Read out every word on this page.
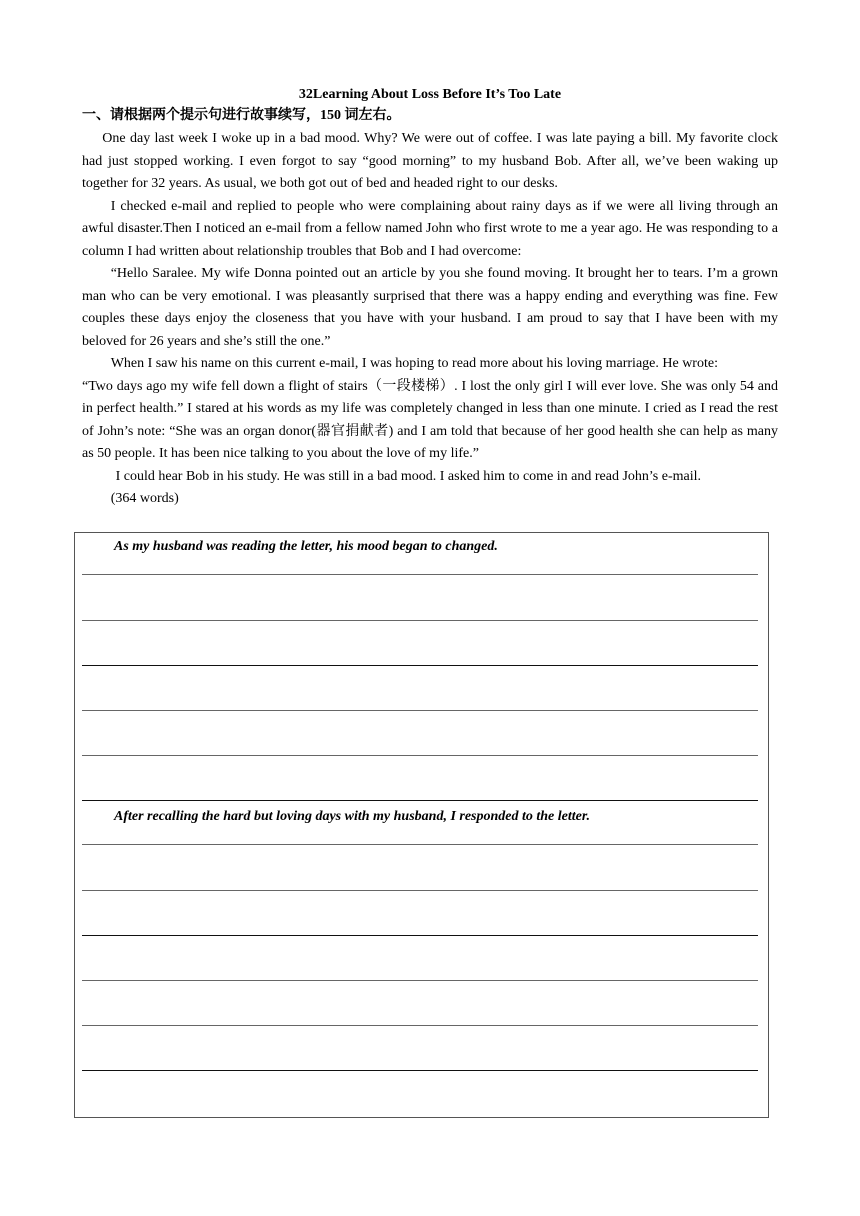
32Learning About Loss Before It’s Too Late
一、请根据两个提示句进行故事续写，150 词左右。

One day last week I woke up in a bad mood. Why? We were out of coffee. I was late paying a bill. My favorite clock had just stopped working. I even forgot to say “good morning” to my husband Bob. After all, we’ve been waking up together for 32 years. As usual, we both got out of bed and headed right to our desks.

I checked e-mail and replied to people who were complaining about rainy days as if we were all living through an awful disaster.Then I noticed an e-mail from a fellow named John who first wrote to me a year ago. He was responding to a column I had written about relationship troubles that Bob and I had overcome:

“Hello Saralee. My wife Donna pointed out an article by you she found moving. It brought her to tears. I’m a grown man who can be very emotional. I was pleasantly surprised that there was a happy ending and everything was fine. Few couples these days enjoy the closeness that you have with your husband. I am proud to say that I have been with my beloved for 26 years and she’s still the one.”

When I saw his name on this current e-mail, I was hoping to read more about his loving marriage. He wrote:

“Two days ago my wife fell down a flight of stairs（一段楼梯）. I lost the only girl I will ever love. She was only 54 and in perfect health.” I stared at his words as my life was completely changed in less than one minute. I cried as I read the rest of John’s note: “She was an organ donor(器官捐献者) and I am told that because of her good health she can help as many as 50 people. It has been nice talking to you about the love of my life.”

I could hear Bob in his study. He was still in a bad mood. I asked him to come in and read John’s e-mail.

(364 words)

As my husband was reading the letter, his mood began to changed.
After recalling the hard but loving days with my husband, I responded to the letter.
